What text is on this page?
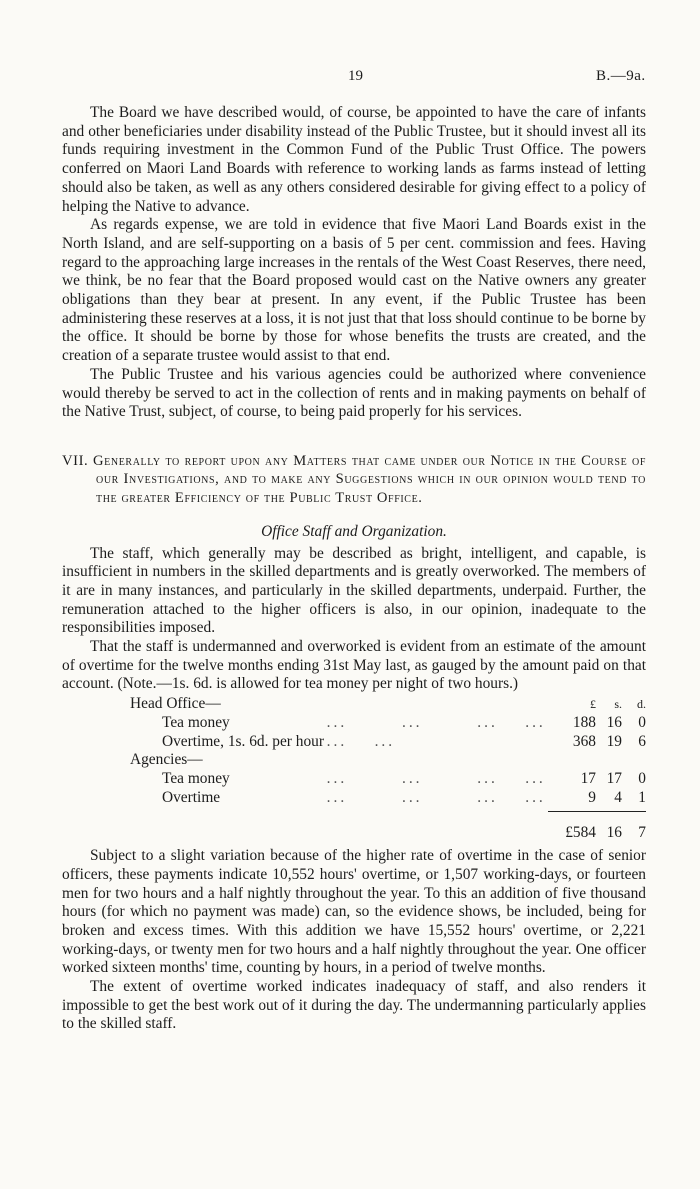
19	B.—9a.

The Board we have described would, of course, be appointed to have the care of infants and other beneficiaries under disability instead of the Public Trustee, but it should invest all its funds requiring investment in the Common Fund of the Public Trust Office. The powers conferred on Maori Land Boards with reference to working lands as farms instead of letting should also be taken, as well as any others considered desirable for giving effect to a policy of helping the Native to advance.

As regards expense, we are told in evidence that five Maori Land Boards exist in the North Island, and are self-supporting on a basis of 5 per cent. commission and fees. Having regard to the approaching large increases in the rentals of the West Coast Reserves, there need, we think, be no fear that the Board proposed would cast on the Native owners any greater obligations than they bear at present. In any event, if the Public Trustee has been administering these reserves at a loss, it is not just that that loss should continue to be borne by the office. It should be borne by those for whose benefits the trusts are created, and the creation of a separate trustee would assist to that end.

The Public Trustee and his various agencies could be authorized where convenience would thereby be served to act in the collection of rents and in making payments on behalf of the Native Trust, subject, of course, to being paid properly for his services.

VII. Generally to report upon any Matters that came under our Notice in the Course of our Investigations, and to make any Suggestions which in our opinion would tend to the greater Efficiency of the Public Trust Office.
Office Staff and Organization.

The staff, which generally may be described as bright, intelligent, and capable, is insufficient in numbers in the skilled departments and is greatly overworked. The members of it are in many instances, and particularly in the skilled departments, underpaid. Further, the remuneration attached to the higher officers is also, in our opinion, inadequate to the responsibilities imposed.

That the staff is undermanned and overworked is evident from an estimate of the amount of overtime for the twelve months ending 31st May last, as gauged by the amount paid on that account. (Note.—1s. 6d. is allowed for tea money per night of two hours.)

Head Office—		£	s.	d.
Tea money	...        ...        ...    ...	188	16	0
Overtime, 1s. 6d. per hour	...    ...	368	19	6
Agencies—				
Tea money	...        ...        ...    ...	17	17	0
Overtime	...        ...        ...    ...	9	4	1

		£584	16	7

Subject to a slight variation because of the higher rate of overtime in the case of senior officers, these payments indicate 10,552 hours' overtime, or 1,507 working-days, or fourteen men for two hours and a half nightly throughout the year. To this an addition of five thousand hours (for which no payment was made) can, so the evidence shows, be included, being for broken and excess times. With this addition we have 15,552 hours' overtime, or 2,221 working-days, or twenty men for two hours and a half nightly throughout the year. One officer worked sixteen months' time, counting by hours, in a period of twelve months.

The extent of overtime worked indicates inadequacy of staff, and also renders it impossible to get the best work out of it during the day. The undermanning particularly applies to the skilled staff.
